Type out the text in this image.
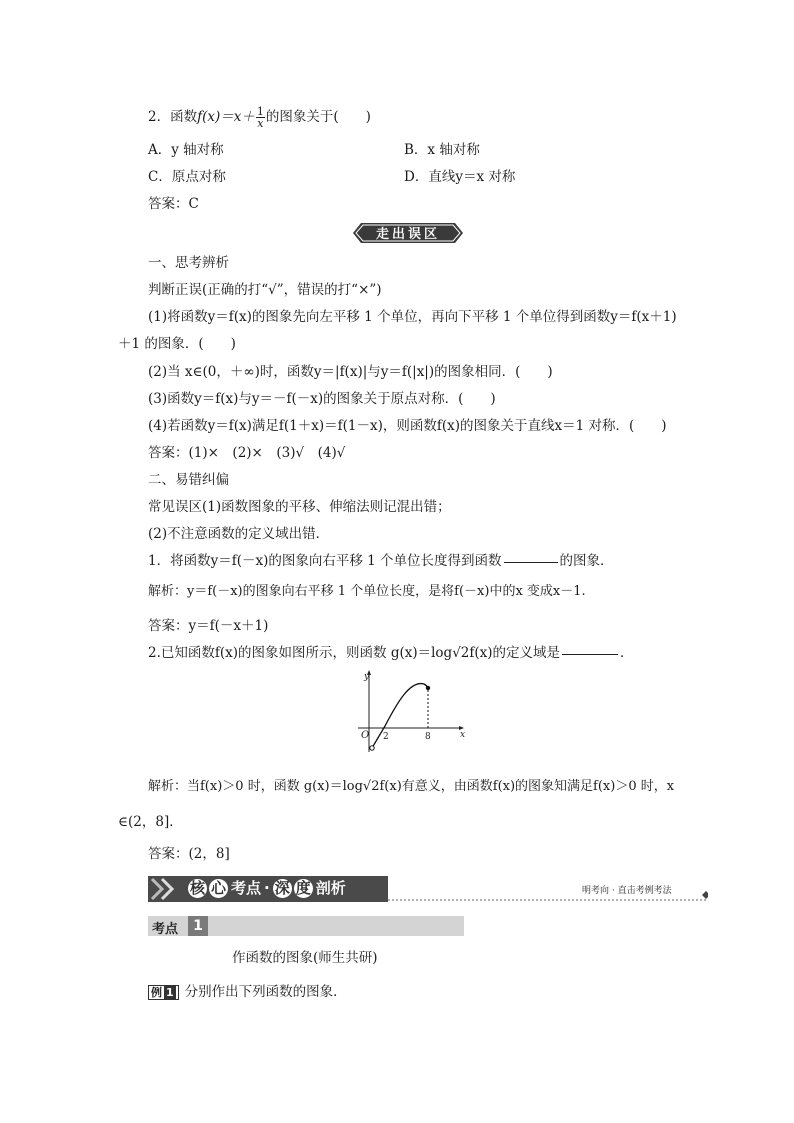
2．函数$f(x)=x+ \frac{1}{x}$ 的图象关于(　　)
A．y 轴对称	B．x 轴对称
C．原点对称	D．直线y＝x 对称
答案：C
走出误区
一、思考辨析
判断正误(正确的打“√”，错误的打“×”)
(1)将函数y＝f(x)的图象先向左平移 1 个单位，再向下平移 1 个单位得到函数y＝f(x＋1)
＋1 的图象．(　　)
(2)当 x∈(0，＋∞)时，函数y＝|f(x)|与y＝f(|x|)的图象相同．(　　)
(3)函数y＝f(x)与y＝－f(－x)的图象关于原点对称．(　　)
(4)若函数y＝f(x)满足f(1＋x)＝f(1－x)，则函数f(x)的图象关于直线x＝1 对称．(　　)
答案：(1)×　(2)×　(3)√　(4)√
二、易错纠偏
常见误区(1)函数图象的平移、伸缩法则记混出错；
(2)不注意函数的定义域出错．
1．将函数y＝f(－x)的图象向右平移 1 个单位长度得到函数	的图象．
解析：y＝f(－x)的图象向右平移 1 个单位长度，是将f(－x)中的x 变成x－1.
答案：y＝f(－x＋1)
2.已知函数f(x)的图象如图所示，则函数 g(x)＝log√2f(x)的定义域是	．
y
x
O 2	8
解析：当f(x)＞0 时，函数 g(x)＝log√2f(x)有意义，由函数f(x)的图象知满足f(x)＞0 时，x
∈(2，8]．
答案：(2，8]
核 心 考点 · 深 度 剖析	明考向 · 直击考例考法
考点	1
作函数的图象(师生共研)
例 1 分别作出下列函数的图象．
